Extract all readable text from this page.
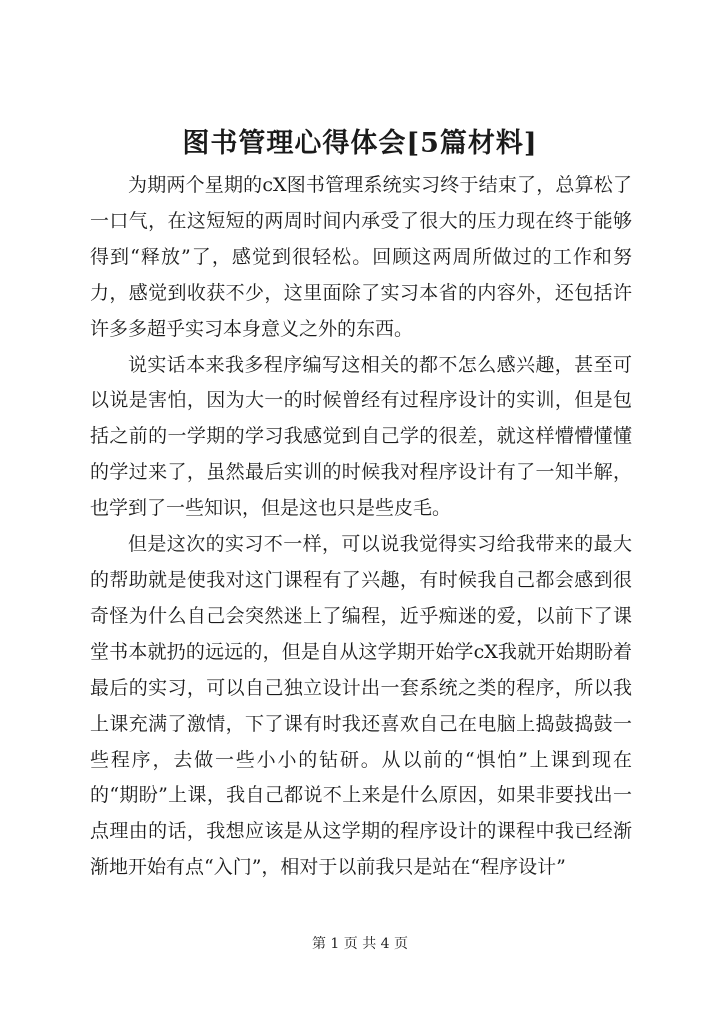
图书管理心得体会[5篇材料]

为期两个星期的cX图书管理系统实习终于结束了，总算松了一口气，在这短短的两周时间内承受了很大的压力现在终于能够得到“释放”了，感觉到很轻松。回顾这两周所做过的工作和努力，感觉到收获不少，这里面除了实习本省的内容外，还包括许许多多超乎实习本身意义之外的东西。

说实话本来我多程序编写这相关的都不怎么感兴趣，甚至可以说是害怕，因为大一的时候曾经有过程序设计的实训，但是包括之前的一学期的学习我感觉到自己学的很差，就这样懵懵懂懂的学过来了，虽然最后实训的时候我对程序设计有了一知半解，也学到了一些知识，但是这也只是些皮毛。

但是这次的实习不一样，可以说我觉得实习给我带来的最大的帮助就是使我对这门课程有了兴趣，有时候我自己都会感到很奇怪为什么自己会突然迷上了编程，近乎痴迷的爱，以前下了课堂书本就扔的远远的，但是自从这学期开始学cX我就开始期盼着最后的实习，可以自己独立设计出一套系统之类的程序，所以我上课充满了激情，下了课有时我还喜欢自己在电脑上捣鼓捣鼓一些程序，去做一些小小的钻研。从以前的“惧怕”上课到现在的“期盼”上课，我自己都说不上来是什么原因，如果非要找出一点理由的话，我想应该是从这学期的程序设计的课程中我已经渐渐地开始有点“入门”，相对于以前我只是站在“程序设计”

第 1 页 共 4 页
